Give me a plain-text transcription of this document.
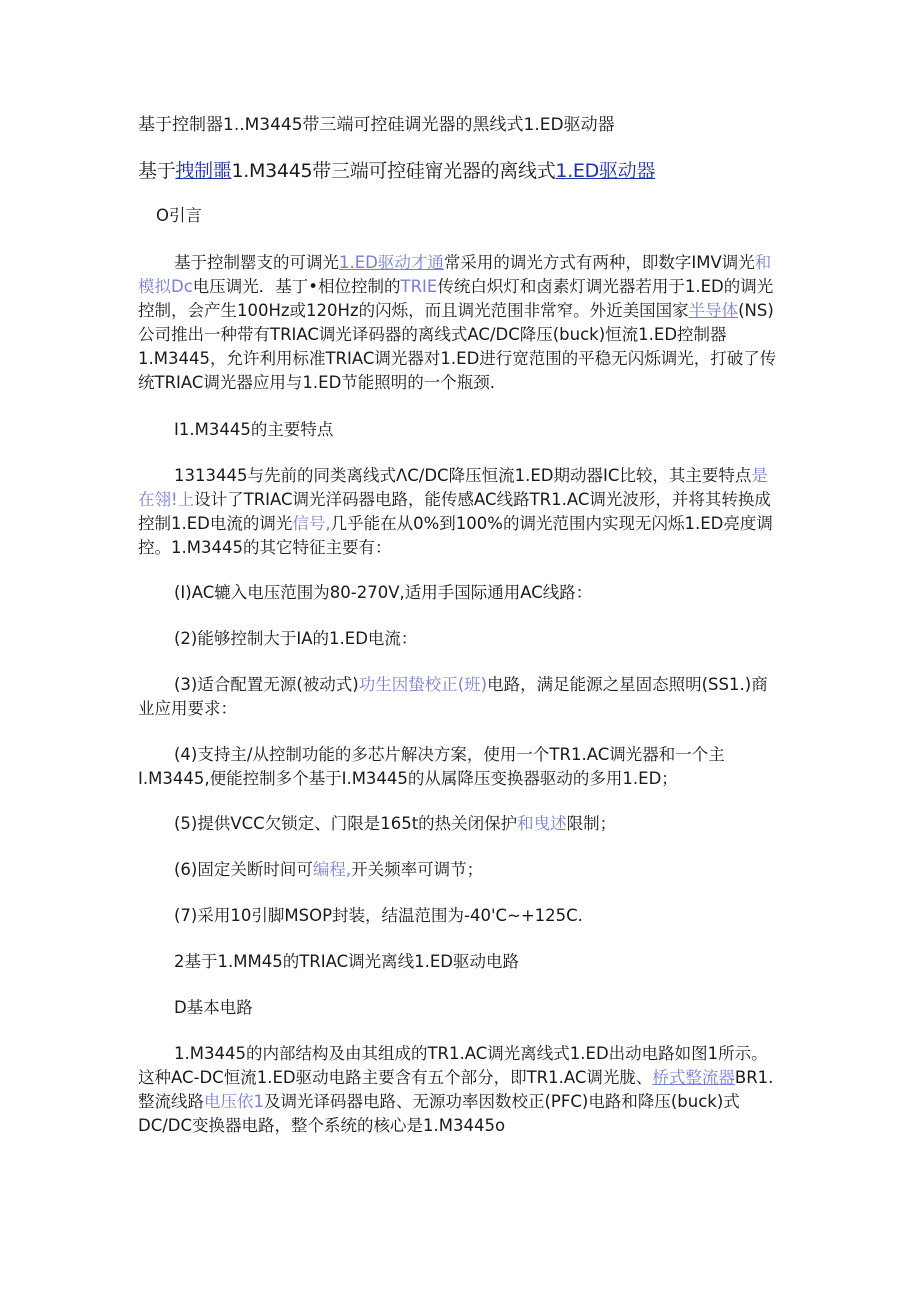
基于控制器1..M3445带三端可控硅调光器的黑线式1.ED驱动器
基于拽制噩1.M3445带三端可控硅甯光器的离线式1.ED驱动器

O引言

基于控制罂支的可调光1.ED驱动才通常采用的调光方式有两种，即数字IMV调光和模拟Dc电压调光．基丁•相位控制的TRIE传统白炽灯和卤素灯调光器若用于1.ED的调光控制，会产生100Hz或120Hz的闪烁，而且调光范围非常窄。外近美国国家半导体(NS)公司推出一种带有TRIAC调光译码器的离线式AC/DC降压(buck)恒流1.ED控制器1.M3445，允许利用标准TRIAC调光器对1.ED进行宽范围的平稳无闪烁调光，打破了传统TRIAC调光器应用与1.ED节能照明的一个瓶颈.

I1.M3445的主要特点

1313445与先前的同类离线式ΛC/DC降压恒流1.ED期动器IC比较，其主要特点是在翎!上设计了TRIAC调光洋码器电路，能传感AC线路TR1.AC调光波形，并将其转换成控制1.ED电流的调光信号,几乎能在从0%到100%的调光范围内实现无闪烁1.ED亮度调控。1.M3445的其它特征主要有：

(I)AC辘入电压范围为80-270V,适用手国际通用AC线路：

(2)能够控制大于IA的1.ED电流：

(3)适合配置无源(被动式)功生因蛰校正(班)电路，满足能源之星固态照明(SS1.)商业应用要求：

(4)支持主/从控制功能的多芯片解决方案，使用一个TR1.AC调光器和一个主I.M3445,便能控制多个基于I.M3445的从属降压变换器驱动的多用1.ED；

(5)提供VCC欠锁定、门限是165t的热关闭保护和曳述限制；

(6)固定关断时间可编程,开关频率可调节；

(7)采用10引脚MSOP封装，结温范围为-40'C~+125C.

2基于1.MM45的TRIAC调光离线1.ED驱动电路

D基本电路

1.M3445的内部结构及由其组成的TR1.AC调光离线式1.ED出动电路如图1所示。这种AC-DC恒流1.ED驱动电路主要含有五个部分，即TR1.AC调光胧、桥式整流器BR1.整流线路电压依1及调光译码器电路、无源功率因数校正(PFC)电路和降压(buck)式DC/DC变换器电路，整个系统的核心是1.M3445o
